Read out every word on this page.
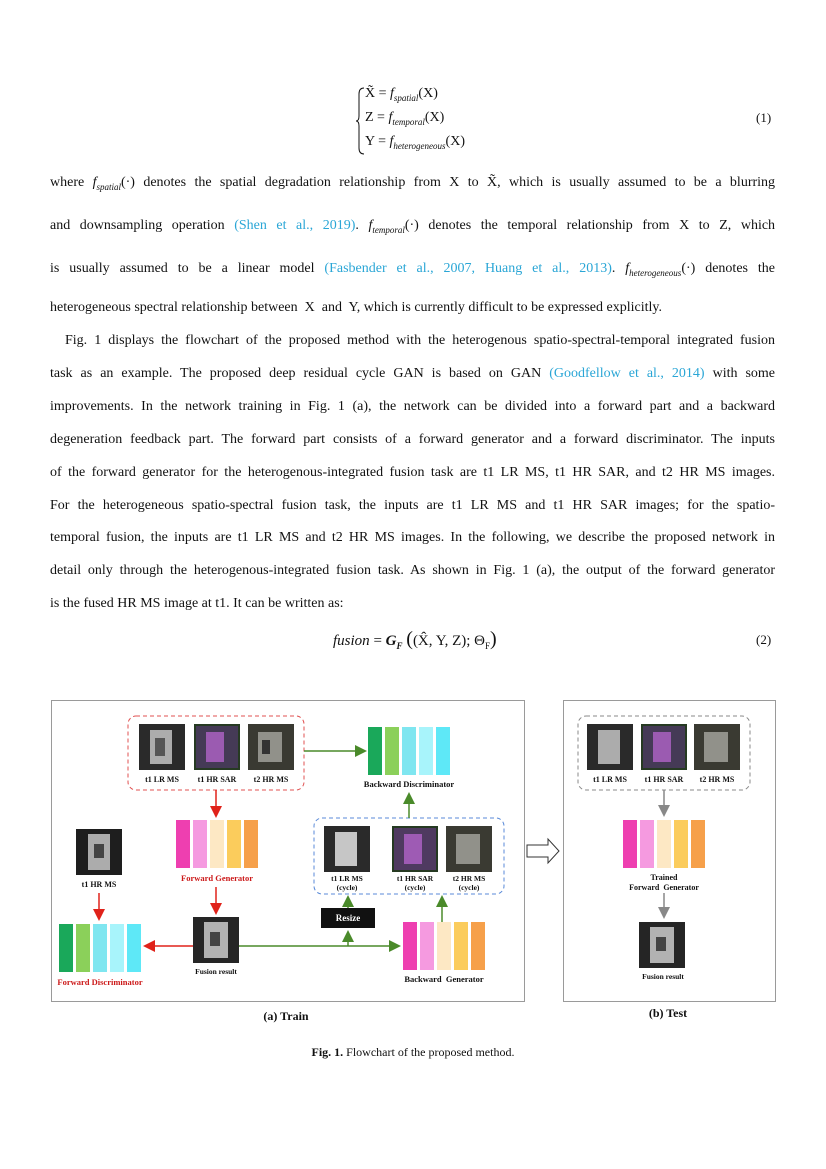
X̃ = $f_{spatial}(X)$
$Z = f_{temporal}(X)$
$Y = f_{heterogeneous}(X)$
(1)
where $f_{spatial}(\cdot)$ denotes the spatial degradation relationship from X to X̃, which is usually assumed to be a blurring
and downsampling operation (Shen et al., 2019). $f_{temporal}(\cdot)$ denotes the temporal relationship from X to Z, which
is usually assumed to be a linear model (Fasbender et al., 2007, Huang et al., 2013). $f_{heterogeneous}(\cdot)$ denotes the
heterogeneous spectral relationship between X and Y, which is currently difficult to be expressed explicitly.
Fig. 1 displays the flowchart of the proposed method with the heterogenous spatio-spectral-temporal integrated fusion
task as an example. The proposed deep residual cycle GAN is based on GAN (Goodfellow et al., 2014) with some
improvements. In the network training in Fig. 1 (a), the network can be divided into a forward part and a backward
degeneration feedback part. The forward part consists of a forward generator and a forward discriminator. The inputs
of the forward generator for the heterogenous-integrated fusion task are t1 LR MS, t1 HR SAR, and t2 HR MS images.
For the heterogeneous spatio-spectral fusion task, the inputs are t1 LR MS and t1 HR SAR images; for the spatio-
temporal fusion, the inputs are t1 LR MS and t2 HR MS images. In the following, we describe the proposed network in
detail only through the heterogenous-integrated fusion task. As shown in Fig. 1 (a), the output of the forward generator
is the fused HR MS image at t1. It can be written as:
fusion = $G_F$ ((X̂, Y, Z); $\Theta_F$)	(2)
t1 LR MS	t1 HR SAR	t2 HR MS	Backward Discriminator
Forward Generator
t1 HR MS
t1 LR MS
(cycle)
t1 HR SAR
(cycle)
t2 HR MS
(cycle)
Resize
Fusion result
Backward  Generator
Forward Discriminator
(a) Train
t1 LR MS	t1 HR SAR	t2 HR MS
Trained
Forward  Generator
Fusion result
(b) Test
Fig. 1. Flowchart of the proposed method.
